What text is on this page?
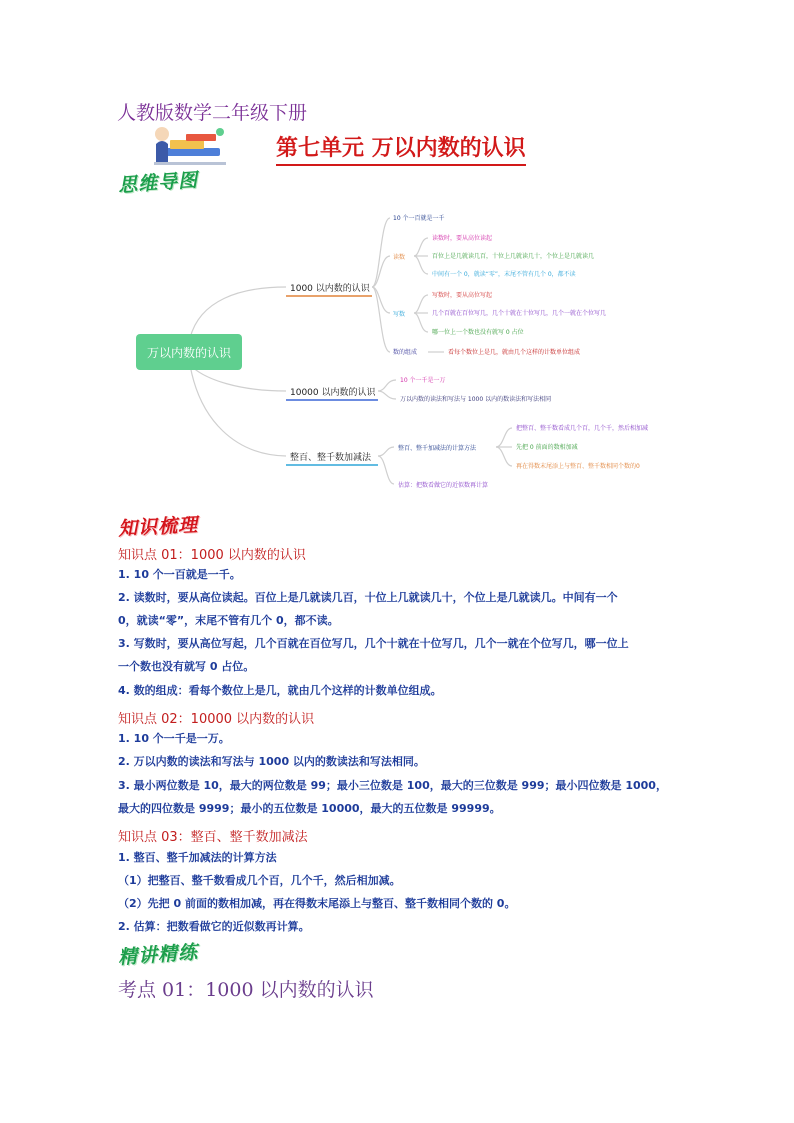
人教版数学二年级下册
第七单元 万以内数的认识
思维导图
万以内数的认识
1000 以内数的认识
10 个一百就是一千
读数
读数时，要从高位读起
百位上是几就读几百，十位上几就读几十，个位上是几就读几
中间有一个 0，就读“零”，末尾不管有几个 0，都不读
写数
写数时，要从高位写起
几个百就在百位写几，几个十就在十位写几，几个一就在个位写几
哪一位上一个数也没有就写 0 占位
数的组成	看每个数位上是几，就由几个这样的计数单位组成
10000 以内数的认识
10 个一千是一万
万以内数的读法和写法与 1000 以内的数读法和写法相同
整百、整千数加减法
整百、整千加减法的计算方法
把整百、整千数看成几个百，几个千，然后相加减
先把 0 前面的数相加减
再在得数末尾添上与整百、整千数相同个数的0
估算：把数看做它的近似数再计算
知识梳理
知识点 01：1000 以内数的认识
1. 10 个一百就是一千。
2. 读数时，要从高位读起。百位上是几就读几百，十位上几就读几十，个位上是几就读几。中间有一个
0，就读“零”，末尾不管有几个 0，都不读。
3. 写数时，要从高位写起，几个百就在百位写几，几个十就在十位写几，几个一就在个位写几，哪一位上
一个数也没有就写 0 占位。
4. 数的组成：看每个数位上是几，就由几个这样的计数单位组成。
知识点 02：10000 以内数的认识
1. 10 个一千是一万。
2. 万以内数的读法和写法与 1000 以内的数读法和写法相同。
3. 最小两位数是 10，最大的两位数是 99；最小三位数是 100，最大的三位数是 999；最小四位数是 1000，
最大的四位数是 9999；最小的五位数是 10000，最大的五位数是 99999。
知识点 03：整百、整千数加减法
1. 整百、整千加减法的计算方法
（1）把整百、整千数看成几个百，几个千，然后相加减。
（2）先把 0 前面的数相加减，再在得数末尾添上与整百、整千数相同个数的 0。
2. 估算：把数看做它的近似数再计算。
精讲精练
考点 01：1000 以内数的认识
